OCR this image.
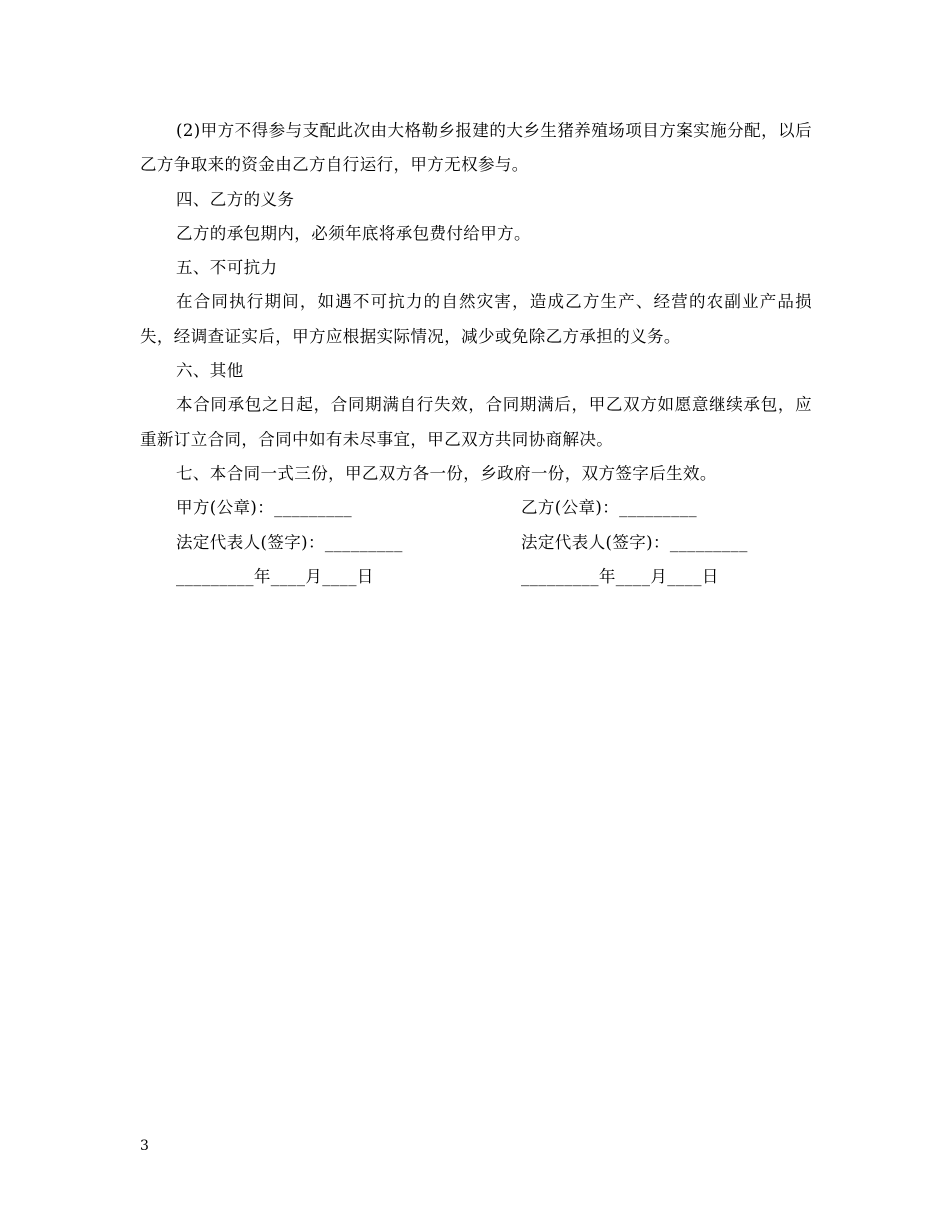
(2)甲方不得参与支配此次由大格勒乡报建的大乡生猪养殖场项目方案实施分配，以后乙方争取来的资金由乙方自行运行，甲方无权参与。

四、乙方的义务

乙方的承包期内，必须年底将承包费付给甲方。

五、不可抗力

在合同执行期间，如遇不可抗力的自然灾害，造成乙方生产、经营的农副业产品损失，经调查证实后，甲方应根据实际情况，减少或免除乙方承担的义务。

六、其他

本合同承包之日起，合同期满自行失效，合同期满后，甲乙双方如愿意继续承包，应重新订立合同，合同中如有未尽事宜，甲乙双方共同协商解决。

七、本合同一式三份，甲乙双方各一份，乡政府一份，双方签字后生效。

甲方(公章)：_________	乙方(公章)：_________
法定代表人(签字)：_________	法定代表人(签字)：_________
_________年____月____日	_________年____月____日
3
